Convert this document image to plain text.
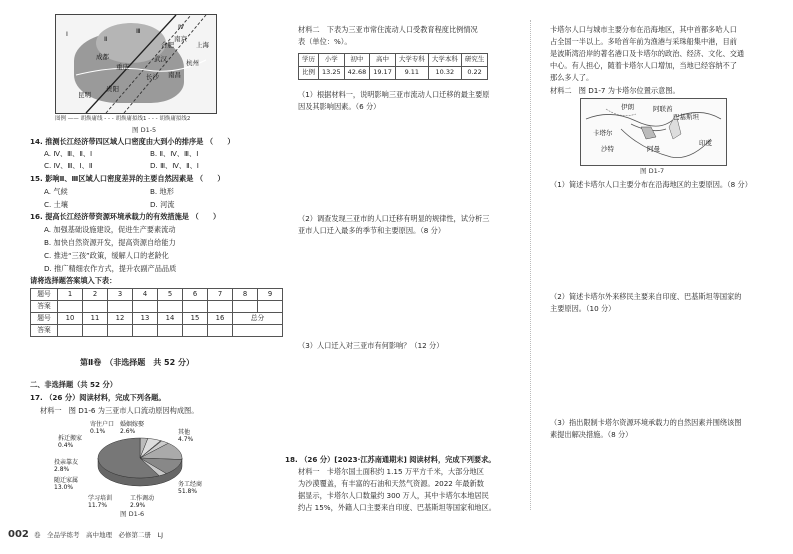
成都
重庆
长沙
合肥
南京
上海
杭州
南昌
武汉
贵阳
昆明
Ⅰ
Ⅱ
Ⅲ	Ⅳ
图例 —— 胡焕庸线 - - - 胡焕庸拟线1 - - - 胡焕庸拟线2
图 D1-5
14. 推测长江经济带四区域人口密度由大到小的排序是 （　　）
A. Ⅳ、Ⅲ、Ⅱ、Ⅰ	B. Ⅱ、Ⅳ、Ⅲ、Ⅰ
C. Ⅳ、Ⅲ、Ⅰ、Ⅱ	D. Ⅲ、Ⅳ、Ⅱ、Ⅰ
15. 影响Ⅱ、Ⅲ区域人口密度差异的主要自然因素是 （　　）
A. 气候	B. 地形
C. 土壤	D. 河流
16. 提高长江经济带资源环境承载力的有效措施是 （　　）
A. 加强基础设施建设，促进生产要素流动
B. 加快自然资源开发，提高资源自给能力
C. 推进“三孩”政策，缓解人口的老龄化
D. 推广精细农作方式，提升农副产品品质
请将选择题答案填入下表：
题号	1	2	3	4	5	6	7	8	9
答案									
题号	10	11	12	13	14	15	16	总分	
答案									
第Ⅱ卷　（非选择题　共 52 分）
二、非选择题（共 52 分）
17. （26 分）阅读材料，完成下列各题。
材料一　图 D1-6 为三亚市人口流动原因构成图。
寄住户口
0.1%
婚姻嫁娶
2.6%	其他
4.7%
拆迁搬家
0.4%
投亲靠友
2.8%
随迁家属
13.0%
学习培训
11.7%
工作调动
2.9%
务工经商
51.8%
图 D1-6
材料二　下表为三亚市常住流动人口受教育程度比例情况
表（单位：%）。
学历	小学	初中	高中	大学专科	大学本科	研究生
比例	13.25	42.68	19.17	9.11	10.32	0.22
（1）根据材料一，说明影响三亚市流动人口迁移的最主要原
因及其影响因素。（6 分）
（2）调查发现三亚市的人口迁移有明显的规律性，试分析三
亚市人口迁入最多的季节和主要原因。（8 分）
（3）人口迁入对三亚市有何影响？（12 分）
18. （26 分）[2023·江苏南通期末] 阅读材料，完成下列要求。
材料一　卡塔尔国土面积约 1.15 万平方千米，大部分地区
为沙漠覆盖，有丰富的石油和天然气资源。2022 年最新数
据显示，卡塔尔人口数量约 300 万人，其中卡塔尔本地居民
约占 15%，外籍人口主要来自印度、巴基斯坦等国家和地区。
卡塔尔人口与城市主要分布在沿海地区，其中首都多哈人口
占全国一半以上。多哈首年前为渔港与采珠船集中港，目前
是波斯湾沿岸的著名港口及卡塔尔的政治、经济、文化、交通
中心。有人担心，随着卡塔尔人口增加，当地已经容纳不了
那么多人了。
材料二　图 D1-7 为卡塔尔位置示意图。
阿联酋
巴基斯坦
印度
卡塔尔
沙特	阿曼
伊朗
图 D1-7
（1）简述卡塔尔人口主要分布在沿海地区的主要原因。（8 分）
（2）简述卡塔尔外来移民主要来自印度、巴基斯坦等国家的
主要原因。（10 分）
（3）指出限制卡塔尔资源环境承载力的自然因素并围绕该图
素提出解决措施。（8 分）
002 卷　全品学练考　高中地理　必修第二册　LJ
